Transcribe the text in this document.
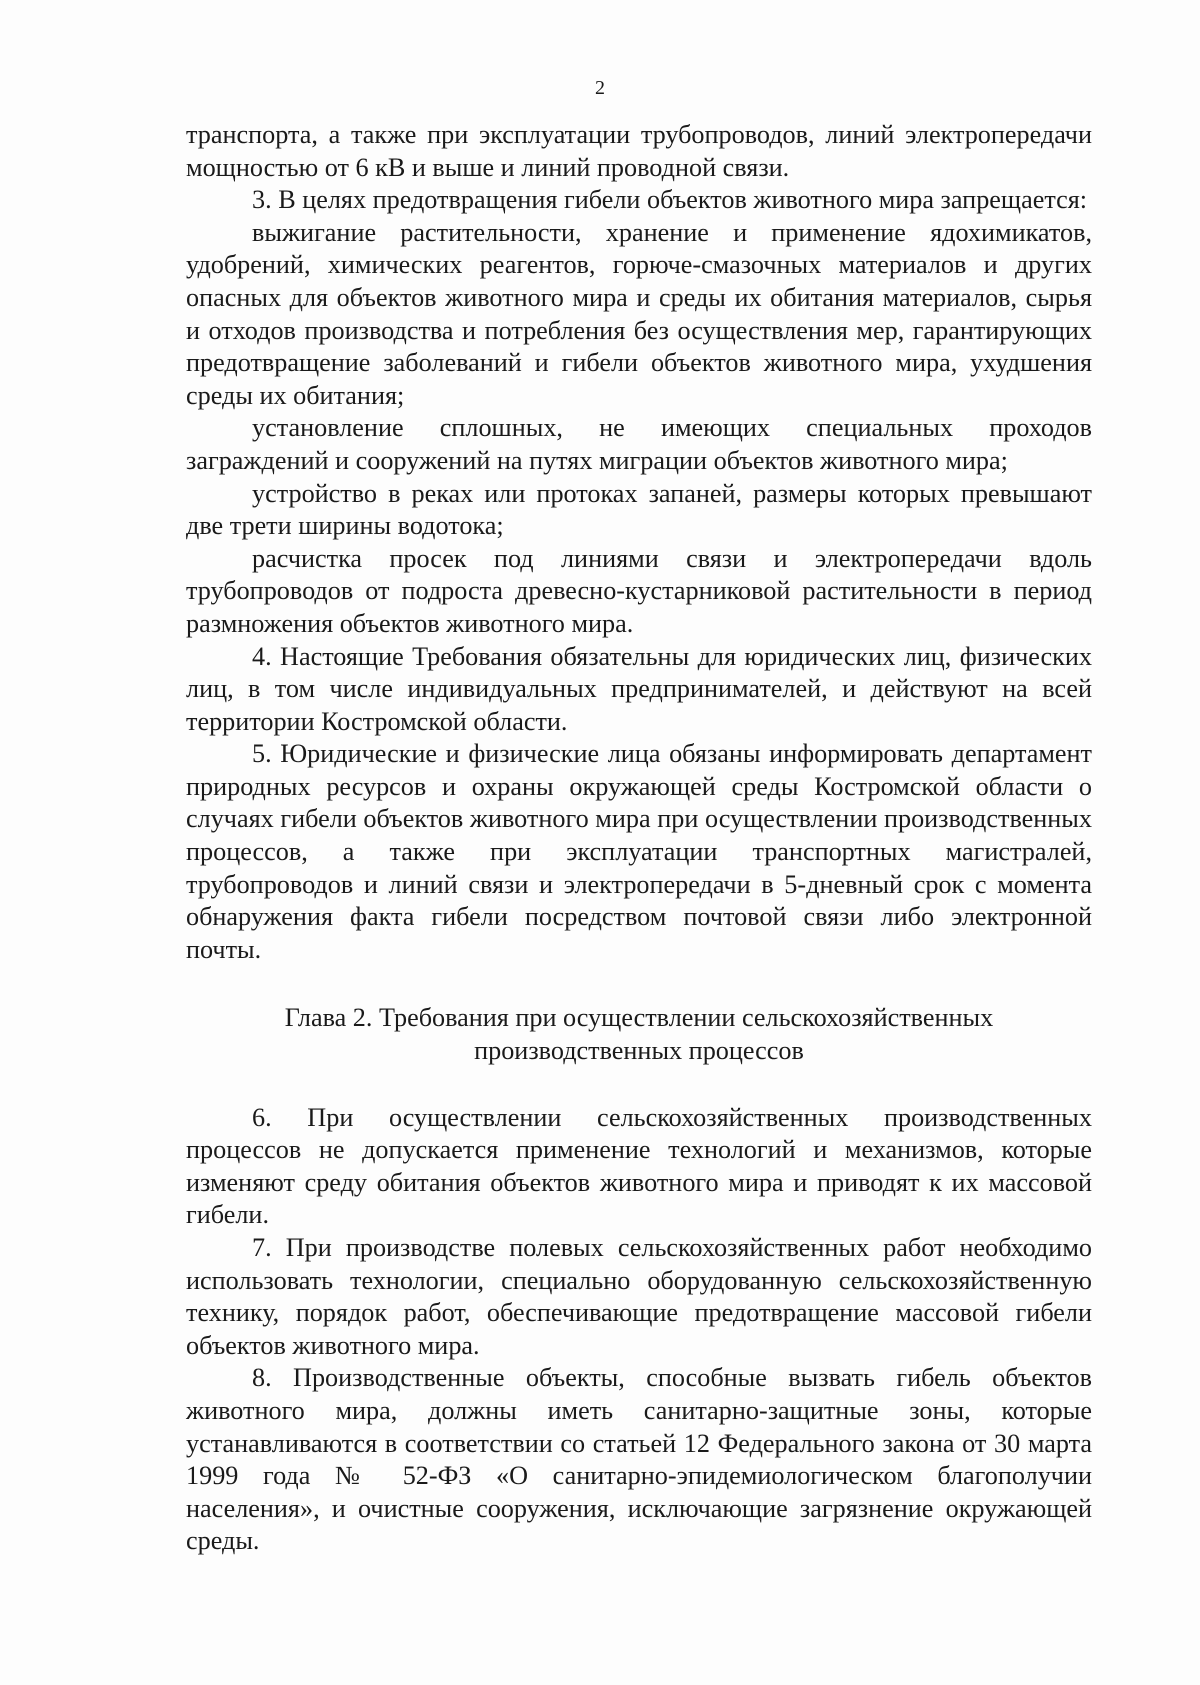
2

транспорта, а также при эксплуатации трубопроводов, линий электропередачи мощностью от 6 кВ и выше и линий проводной связи.

3. В целях предотвращения гибели объектов животного мира запрещается:

выжигание растительности, хранение и применение ядохимикатов, удобрений, химических реагентов, горюче-смазочных материалов и других опасных для объектов животного мира и среды их обитания материалов, сырья и отходов производства и потребления без осуществления мер, гарантирующих предотвращение заболеваний и гибели объектов животного мира, ухудшения среды их обитания;

установление сплошных, не имеющих специальных проходов заграждений и сооружений на путях миграции объектов животного мира;

устройство в реках или протоках запаней, размеры которых превышают две трети ширины водотока;

расчистка просек под линиями связи и электропередачи вдоль трубопроводов от подроста древесно-кустарниковой растительности в период размножения объектов животного мира.

4. Настоящие Требования обязательны для юридических лиц, физических лиц, в том числе индивидуальных предпринимателей, и действуют на всей территории Костромской области.

5. Юридические и физические лица обязаны информировать департамент природных ресурсов и охраны окружающей среды Костромской области о случаях гибели объектов животного мира при осуществлении производственных процессов, а также при эксплуатации транспортных магистралей, трубопроводов и линий связи и электропередачи в 5-дневный срок с момента обнаружения факта гибели посредством почтовой связи либо электронной почты.

Глава 2. Требования при осуществлении сельскохозяйственных
производственных процессов

6. При осуществлении сельскохозяйственных производственных процессов не допускается применение технологий и механизмов, которые изменяют среду обитания объектов животного мира и приводят к их массовой гибели.

7. При производстве полевых сельскохозяйственных работ необходимо использовать технологии, специально оборудованную сельскохозяйственную технику, порядок работ, обеспечивающие предотвращение массовой гибели объектов животного мира.

8. Производственные объекты, способные вызвать гибель объектов животного мира, должны иметь санитарно-защитные зоны, которые устанавливаются в соответствии со статьей 12 Федерального закона от 30 марта 1999 года № 52-ФЗ «О санитарно-эпидемиологическом благополучии населения», и очистные сооружения, исключающие загрязнение окружающей среды.
